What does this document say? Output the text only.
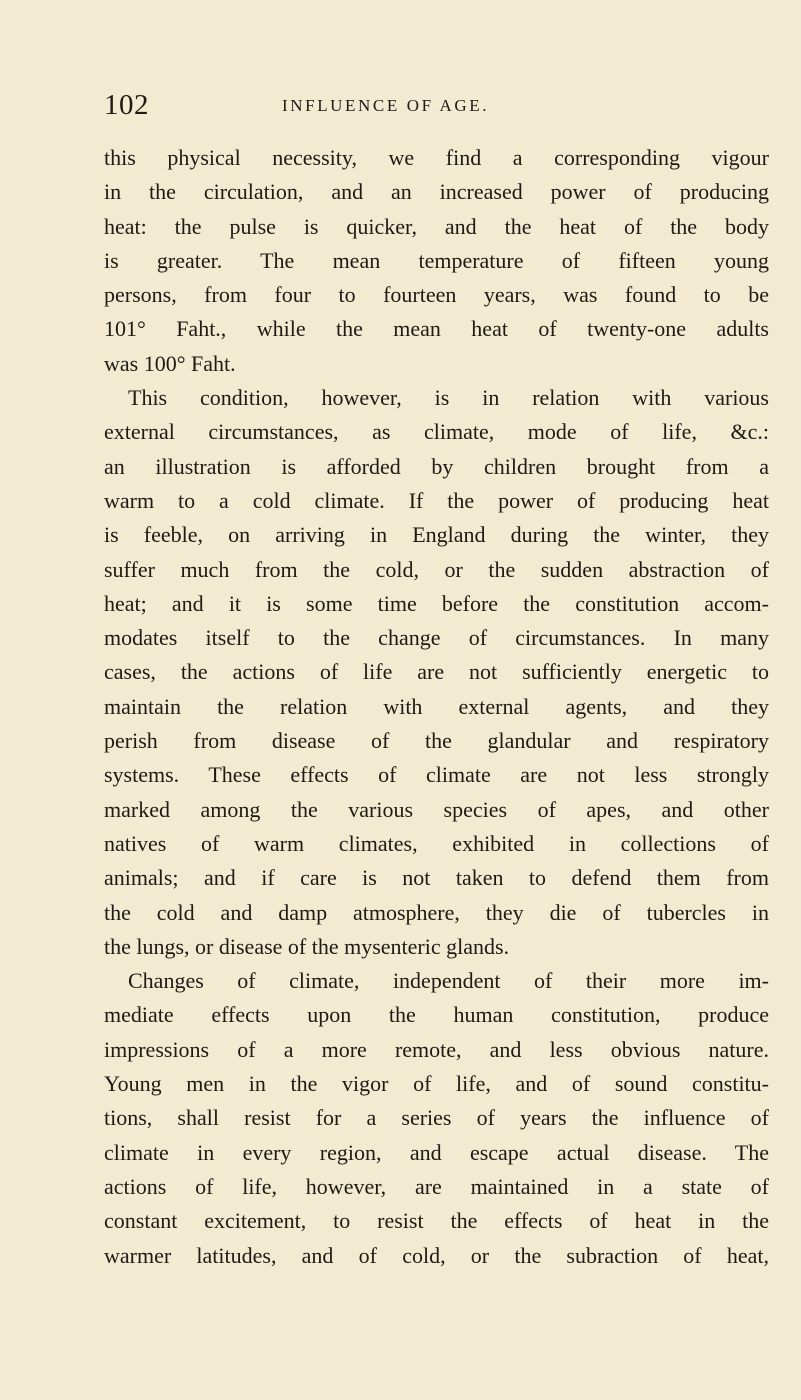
102	INFLUENCE OF AGE.
this physical necessity, we find a corresponding vigour
in the circulation, and an increased power of producing
heat: the pulse is quicker, and the heat of the body
is greater. The mean temperature of fifteen young
persons, from four to fourteen years, was found to be
101° Faht., while the mean heat of twenty-one adults
was 100° Faht.
This condition, however, is in relation with various
external circumstances, as climate, mode of life, &c.:
an illustration is afforded by children brought from a
warm to a cold climate. If the power of producing heat
is feeble, on arriving in England during the winter, they
suffer much from the cold, or the sudden abstraction of
heat; and it is some time before the constitution accom-
modates itself to the change of circumstances. In many
cases, the actions of life are not sufficiently energetic to
maintain the relation with external agents, and they
perish from disease of the glandular and respiratory
systems. These effects of climate are not less strongly
marked among the various species of apes, and other
natives of warm climates, exhibited in collections of
animals; and if care is not taken to defend them from
the cold and damp atmosphere, they die of tubercles in
the lungs, or disease of the mysenteric glands.
Changes of climate, independent of their more im-
mediate effects upon the human constitution, produce
impressions of a more remote, and less obvious nature.
Young men in the vigor of life, and of sound constitu-
tions, shall resist for a series of years the influence of
climate in every region, and escape actual disease. The
actions of life, however, are maintained in a state of
constant excitement, to resist the effects of heat in the
warmer latitudes, and of cold, or the subraction of heat,
